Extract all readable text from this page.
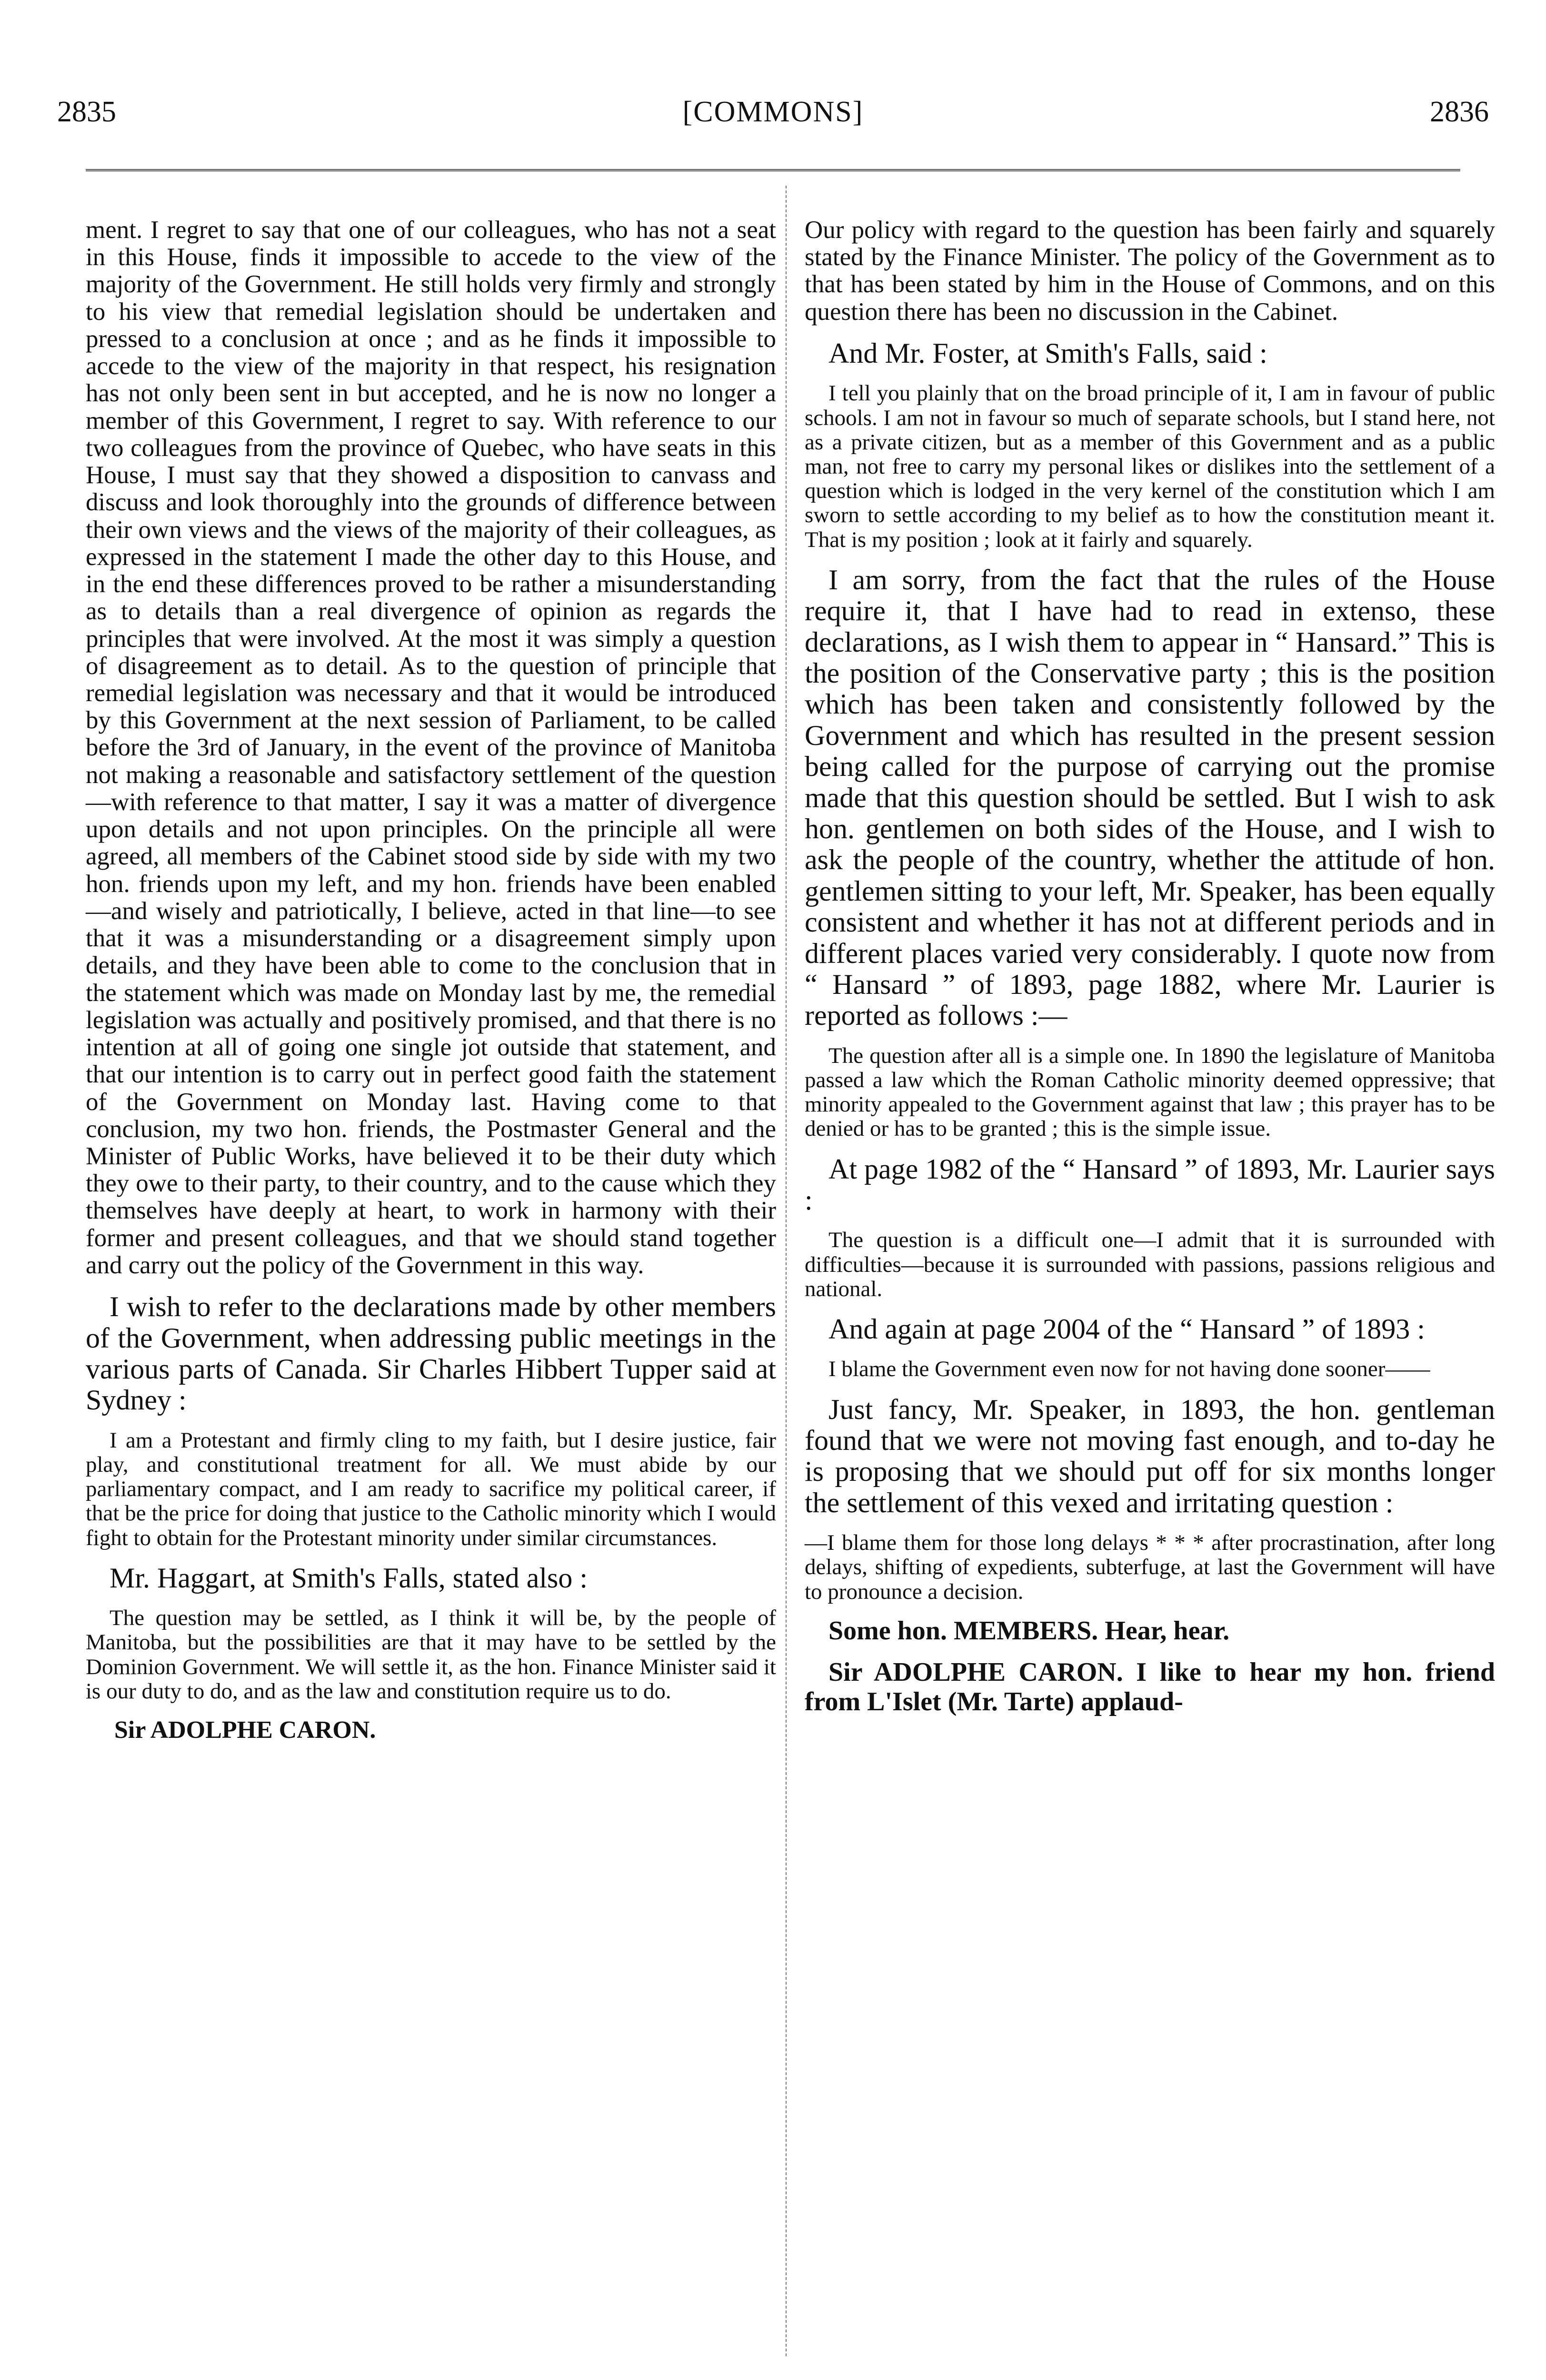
2835	[COMMONS]	2836

ment. I regret to say that one of our colleagues, who has not a seat in this House, finds it impossible to accede to the view of the majority of the Government. He still holds very firmly and strongly to his view that remedial legislation should be undertaken and pressed to a conclusion at once ; and as he finds it impossible to accede to the view of the majority in that respect, his resignation has not only been sent in but accepted, and he is now no longer a member of this Government, I regret to say. With reference to our two colleagues from the province of Quebec, who have seats in this House, I must say that they showed a disposition to canvass and discuss and look thoroughly into the grounds of difference between their own views and the views of the majority of their colleagues, as expressed in the statement I made the other day to this House, and in the end these differences proved to be rather a misunderstanding as to details than a real divergence of opinion as regards the principles that were involved. At the most it was simply a question of disagreement as to detail. As to the question of principle that remedial legislation was necessary and that it would be introduced by this Government at the next session of Parliament, to be called before the 3rd of January, in the event of the province of Manitoba not making a reasonable and satisfactory settlement of the question—with reference to that matter, I say it was a matter of divergence upon details and not upon principles. On the principle all were agreed, all members of the Cabinet stood side by side with my two hon. friends upon my left, and my hon. friends have been enabled —and wisely and patriotically, I believe, acted in that line—to see that it was a misunderstanding or a disagreement simply upon details, and they have been able to come to the conclusion that in the statement which was made on Monday last by me, the remedial legislation was actually and positively promised, and that there is no intention at all of going one single jot outside that statement, and that our intention is to carry out in perfect good faith the statement of the Government on Monday last. Having come to that conclusion, my two hon. friends, the Postmaster General and the Minister of Public Works, have believed it to be their duty which they owe to their party, to their country, and to the cause which they themselves have deeply at heart, to work in harmony with their former and present colleagues, and that we should stand together and carry out the policy of the Government in this way.

I wish to refer to the declarations made by other members of the Government, when addressing public meetings in the various parts of Canada. Sir Charles Hibbert Tupper said at Sydney :

I am a Protestant and firmly cling to my faith, but I desire justice, fair play, and constitutional treatment for all. We must abide by our parliamentary compact, and I am ready to sacrifice my political career, if that be the price for doing that justice to the Catholic minority which I would fight to obtain for the Protestant minority under similar circumstances.

Mr. Haggart, at Smith's Falls, stated also :

The question may be settled, as I think it will be, by the people of Manitoba, but the possibilities are that it may have to be settled by the Dominion Government. We will settle it, as the hon. Finance Minister said it is our duty to do, and as the law and constitution require us to do.

Sir ADOLPHE CARON.

Our policy with regard to the question has been fairly and squarely stated by the Finance Minister. The policy of the Government as to that has been stated by him in the House of Commons, and on this question there has been no discussion in the Cabinet.

And Mr. Foster, at Smith's Falls, said :

I tell you plainly that on the broad principle of it, I am in favour of public schools. I am not in favour so much of separate schools, but I stand here, not as a private citizen, but as a member of this Government and as a public man, not free to carry my personal likes or dislikes into the settlement of a question which is lodged in the very kernel of the constitution which I am sworn to settle according to my belief as to how the constitution meant it. That is my position ; look at it fairly and squarely.

I am sorry, from the fact that the rules of the House require it, that I have had to read in extenso, these declarations, as I wish them to appear in “ Hansard.” This is the position of the Conservative party ; this is the position which has been taken and consistently followed by the Government and which has resulted in the present session being called for the purpose of carrying out the promise made that this question should be settled. But I wish to ask hon. gentlemen on both sides of the House, and I wish to ask the people of the country, whether the attitude of hon. gentlemen sitting to your left, Mr. Speaker, has been equally consistent and whether it has not at different periods and in different places varied very considerably. I quote now from “ Hansard ” of 1893, page 1882, where Mr. Laurier is reported as follows :—

The question after all is a simple one. In 1890 the legislature of Manitoba passed a law which the Roman Catholic minority deemed oppressive; that minority appealed to the Government against that law ; this prayer has to be denied or has to be granted ; this is the simple issue.

At page 1982 of the “ Hansard ” of 1893, Mr. Laurier says :

The question is a difficult one—I admit that it is surrounded with difficulties—because it is surrounded with passions, passions religious and national.

And again at page 2004 of the “ Hansard ” of 1893 :

I blame the Government even now for not having done sooner——

Just fancy, Mr. Speaker, in 1893, the hon. gentleman found that we were not moving fast enough, and to-day he is proposing that we should put off for six months longer the settlement of this vexed and irritating question :

—I blame them for those long delays * * * after procrastination, after long delays, shifting of expedients, subterfuge, at last the Government will have to pronounce a decision.

Some hon. MEMBERS. Hear, hear.

Sir ADOLPHE CARON. I like to hear my hon. friend from L'Islet (Mr. Tarte) applaud-
